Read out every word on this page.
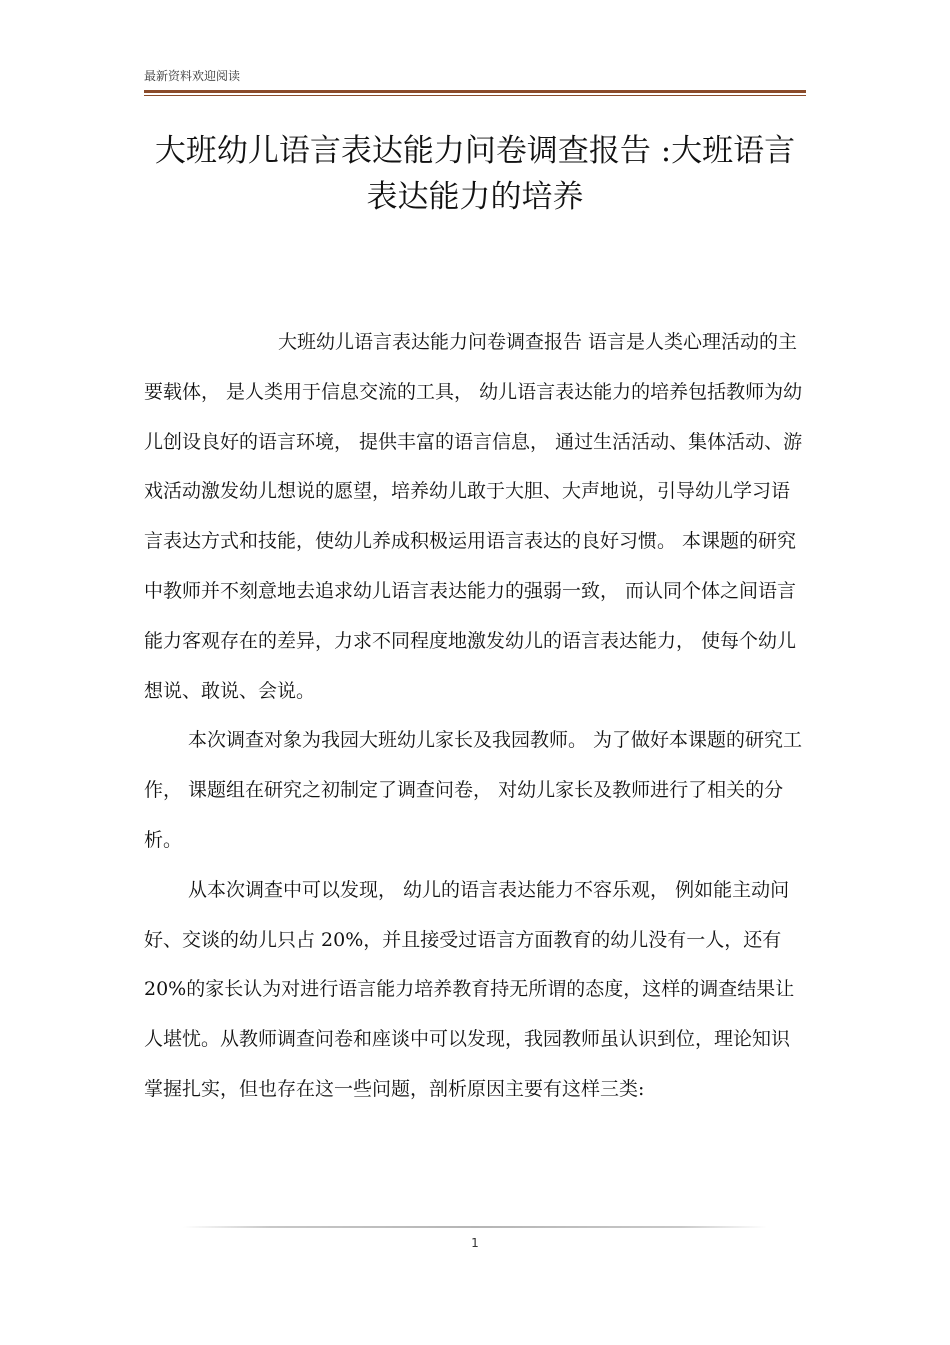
最新资料欢迎阅读
大班幼儿语言表达能力问卷调查报告 :大班语言表达能力的培养

大班幼儿语言表达能力问卷调查报告 语言是人类心理活动的主要载体， 是人类用于信息交流的工具， 幼儿语言表达能力的培养包括教师为幼儿创设良好的语言环境， 提供丰富的语言信息， 通过生活活动、集体活动、游戏活动激发幼儿想说的愿望，培养幼儿敢于大胆、大声地说，引导幼儿学习语言表达方式和技能，使幼儿养成积极运用语言表达的良好习惯。 本课题的研究中教师并不刻意地去追求幼儿语言表达能力的强弱一致， 而认同个体之间语言能力客观存在的差异，力求不同程度地激发幼儿的语言表达能力， 使每个幼儿想说、敢说、会说。

本次调查对象为我园大班幼儿家长及我园教师。 为了做好本课题的研究工作， 课题组在研究之初制定了调查问卷， 对幼儿家长及教师进行了相关的分析。

从本次调查中可以发现， 幼儿的语言表达能力不容乐观， 例如能主动问好、交谈的幼儿只占 20%，并且接受过语言方面教育的幼儿没有一人，还有 20%的家长认为对进行语言能力培养教育持无所谓的态度，这样的调查结果让人堪忧。从教师调查问卷和座谈中可以发现，我园教师虽认识到位，理论知识掌握扎实，但也存在这一些问题，剖析原因主要有这样三类:

1
